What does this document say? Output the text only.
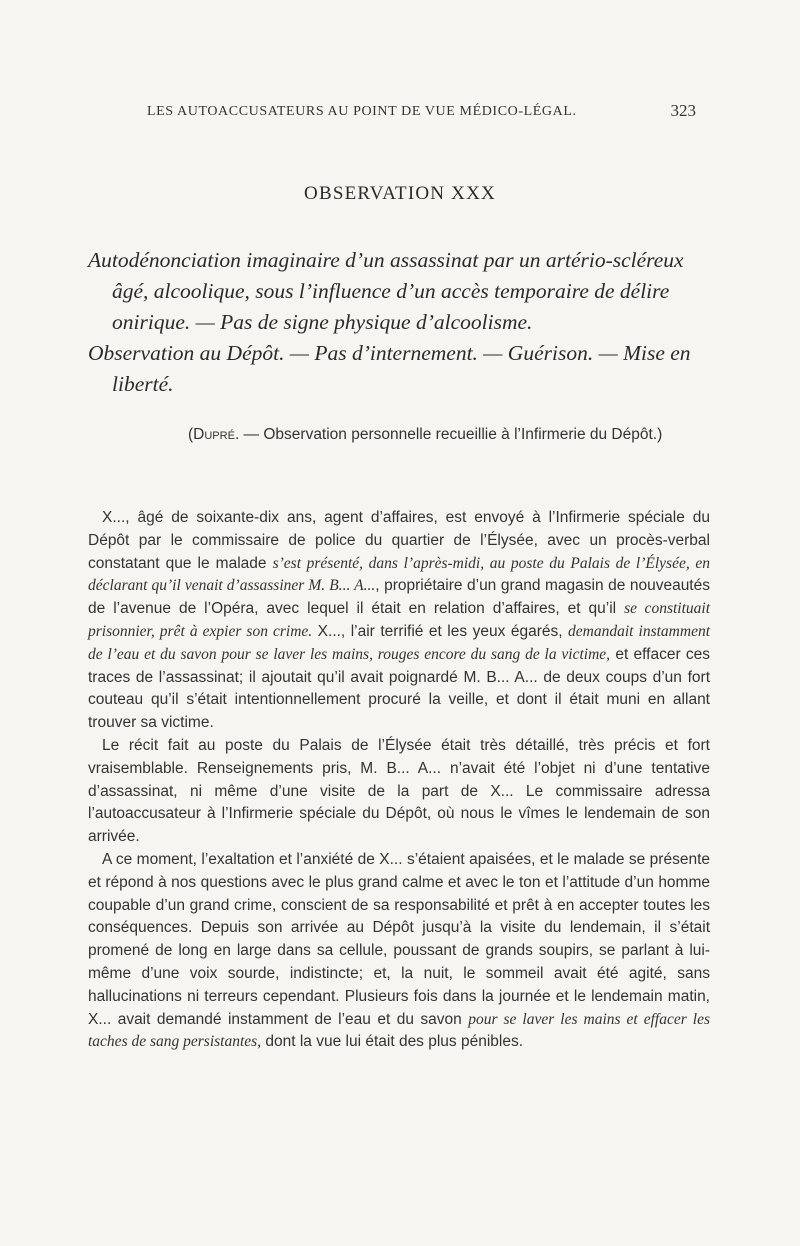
LES AUTOACCUSATEURS AU POINT DE VUE MÉDICO-LÉGAL.	323
OBSERVATION XXX

Autodénonciation imaginaire d’un assassinat par un artério-scléreux âgé, alcoolique, sous l’influence d’un accès temporaire de délire onirique. — Pas de signe physique d’alcoolisme.

Observation au Dépôt. — Pas d’internement. — Guérison. — Mise en liberté.

(Dupré. — Observation personnelle recueillie à l’Infirmerie du Dépôt.)

X..., âgé de soixante-dix ans, agent d’affaires, est envoyé à l’Infirmerie spéciale du Dépôt par le commissaire de police du quartier de l’Élysée, avec un procès-verbal constatant que le malade s’est présenté, dans l’après-midi, au poste du Palais de l’Élysée, en déclarant qu’il venait d’assassiner M. B... A..., propriétaire d’un grand magasin de nouveautés de l’avenue de l’Opéra, avec lequel il était en relation d’affaires, et qu’il se constituait prisonnier, prêt à expier son crime. X..., l’air terrifié et les yeux égarés, demandait instamment de l’eau et du savon pour se laver les mains, rouges encore du sang de la victime, et effacer ces traces de l’assassinat; il ajoutait qu’il avait poignardé M. B... A... de deux coups d’un fort couteau qu’il s’était intentionnellement procuré la veille, et dont il était muni en allant trouver sa victime.

Le récit fait au poste du Palais de l’Élysée était très détaillé, très précis et fort vraisemblable. Renseignements pris, M. B... A... n’avait été l’objet ni d’une tentative d’assassinat, ni même d’une visite de la part de X... Le commissaire adressa l’autoaccusateur à l’Infirmerie spéciale du Dépôt, où nous le vîmes le lendemain de son arrivée.

A ce moment, l’exaltation et l’anxiété de X... s’étaient apaisées, et le malade se présente et répond à nos questions avec le plus grand calme et avec le ton et l’attitude d’un homme coupable d’un grand crime, conscient de sa responsabilité et prêt à en accepter toutes les conséquences. Depuis son arrivée au Dépôt jusqu’à la visite du lendemain, il s’était promené de long en large dans sa cellule, poussant de grands soupirs, se parlant à lui-même d’une voix sourde, indistincte; et, la nuit, le sommeil avait été agité, sans hallucinations ni terreurs cependant. Plusieurs fois dans la journée et le lendemain matin, X... avait demandé instamment de l’eau et du savon pour se laver les mains et effacer les taches de sang persistantes, dont la vue lui était des plus pénibles.
